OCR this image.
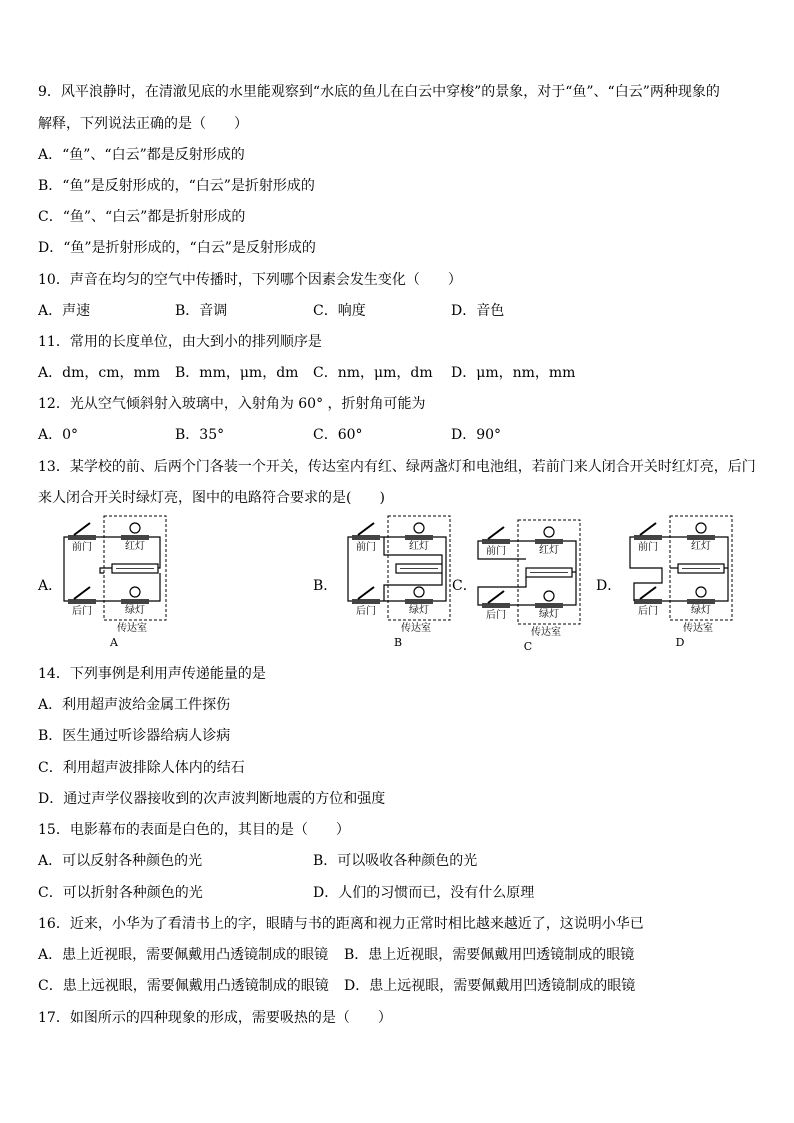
9．风平浪静时，在清澈见底的水里能观察到“水底的鱼儿在白云中穿梭”的景象，对于“鱼”、“白云”两种现象的
解释，下列说法正确的是（　　）
A．“鱼”、“白云”都是反射形成的
B．“鱼”是反射形成的，“白云”是折射形成的
C．“鱼”、“白云”都是折射形成的
D．“鱼”是折射形成的，“白云”是反射形成的
10．声音在均匀的空气中传播时，下列哪个因素会发生变化（　　）
A．声速	B．音调	C．响度	D．音色
11．常用的长度单位，由大到小的排列顺序是
A．dm，cm，mm B．mm，μm，dm C．nm，μm，dm D．μm，nm，mm
12．光从空气倾斜射入玻璃中，入射角为 60° ，折射角可能为
A．0°	B．35°	C．60°	D．90°
13．某学校的前、后两个门各装一个开关，传达室内有红、绿两盏灯和电池组，若前门来人闭合开关时红灯亮，后门
来人闭合开关时绿灯亮，图中的电路符合要求的是(　　)
A．	B．	C．	D．
前门
后门
红灯
绿灯
传达室
A
前门
后门
红灯
绿灯
传达室
B
前门
后门
红灯
绿灯
传达室
C
前门
后门
红灯
绿灯
传达室
D
14．下列事例是利用声传递能量的是
A．利用超声波给金属工件探伤
B．医生通过听诊器给病人诊病
C．利用超声波排除人体内的结石
D．通过声学仪器接收到的次声波判断地震的方位和强度
15．电影幕布的表面是白色的，其目的是（　　）
A．可以反射各种颜色的光	B．可以吸收各种颜色的光
C．可以折射各种颜色的光	D．人们的习惯而已，没有什么原理
16．近来，小华为了看清书上的字，眼睛与书的距离和视力正常时相比越来越近了，这说明小华已
A．患上近视眼，需要佩戴用凸透镜制成的眼镜 B．患上近视眼，需要佩戴用凹透镜制成的眼镜
C．患上远视眼，需要佩戴用凸透镜制成的眼镜 D．患上远视眼，需要佩戴用凹透镜制成的眼镜
17．如图所示的四种现象的形成，需要吸热的是（　　）
